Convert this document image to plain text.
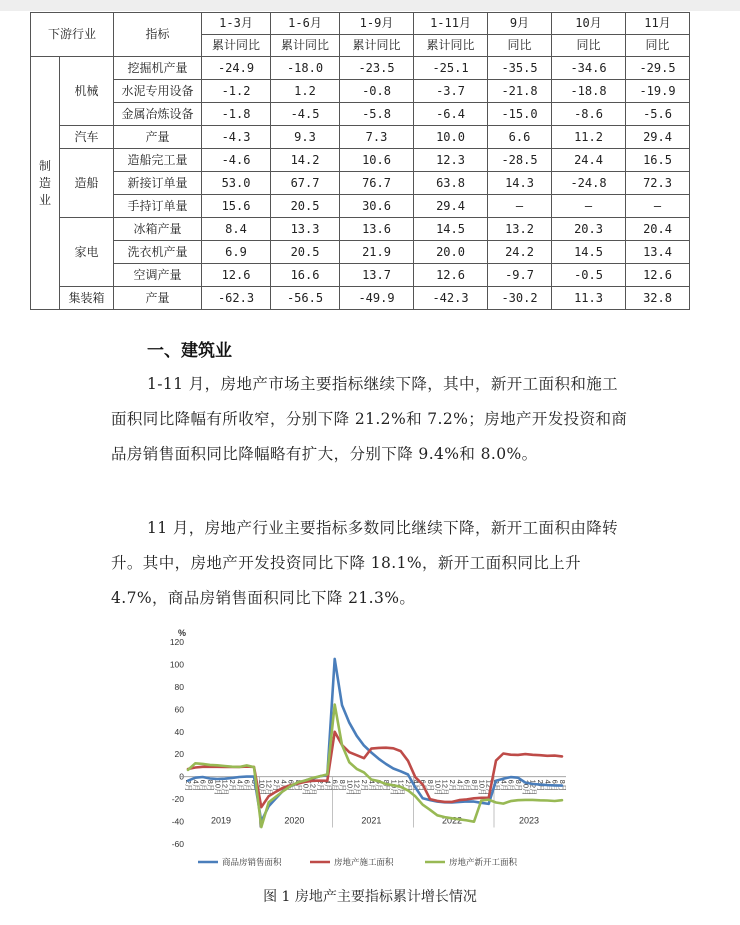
下游行业		指标	1-3月	1-6月	1-9月	1-11月	9月	10月	11月
			累计同比	累计同比	累计同比	累计同比	同比	同比	同比
制
造
业	机械	挖掘机产量	-24.9	-18.0	-23.5	-25.1	-35.5	-34.6	-29.5
		水泥专用设备	-1.2	1.2	-0.8	-3.7	-21.8	-18.8	-19.9
		金属冶炼设备	-1.8	-4.5	-5.8	-6.4	-15.0	-8.6	-5.6
	汽车	产量	-4.3	9.3	7.3	10.0	6.6	11.2	29.4
	造船	造船完工量	-4.6	14.2	10.6	12.3	-28.5	24.4	16.5
		新接订单量	53.0	67.7	76.7	63.8	14.3	-24.8	72.3
		手持订单量	15.6	20.5	30.6	29.4	—	—	—
	家电	冰箱产量	8.4	13.3	13.6	14.5	13.2	20.3	20.4
		洗衣机产量	6.9	20.5	21.9	20.0	24.2	14.5	13.4
		空调产量	12.6	16.6	13.7	12.6	-9.7	-0.5	12.6
	集装箱	产量	-62.3	-56.5	-49.9	-42.3	-30.2	11.3	32.8
一、建筑业

1-11 月，房地产市场主要指标继续下降，其中，新开工面积和施工面积同比降幅有所收窄，分别下降 21.2%和 7.2%；房地产开发投资和商品房销售面积同比降幅略有扩大，分别下降 9.4%和 8.0%。

11 月，房地产行业主要指标多数同比继续下降，新开工面积由降转升。其中，房地产开发投资同比下降 18.1%，新开工面积同比上升 4.7%，商品房销售面积同比下降 21.3%。

-60
-40
-20
0
20
40
60
80
100
120
%
2月
4月
6月
8月
10月
12月
2月
4月
6月
8月
10月
12月
2月
4月
6月
8月
10月
12月
2月
4月
6月
8月
10月
12月
2月
4月
6月
8月
10月
12月
2月
4月
6月
8月
10月
12月
2月
4月
6月
8月
10月
12月
2月
4月
6月
8月
10月
12月
2月
4月
6月
8月
2019	2020	2021	2022	2023
商品房销售面积	房地产施工面积	房地产新开工面积
图 1 房地产主要指标累计增长情况
